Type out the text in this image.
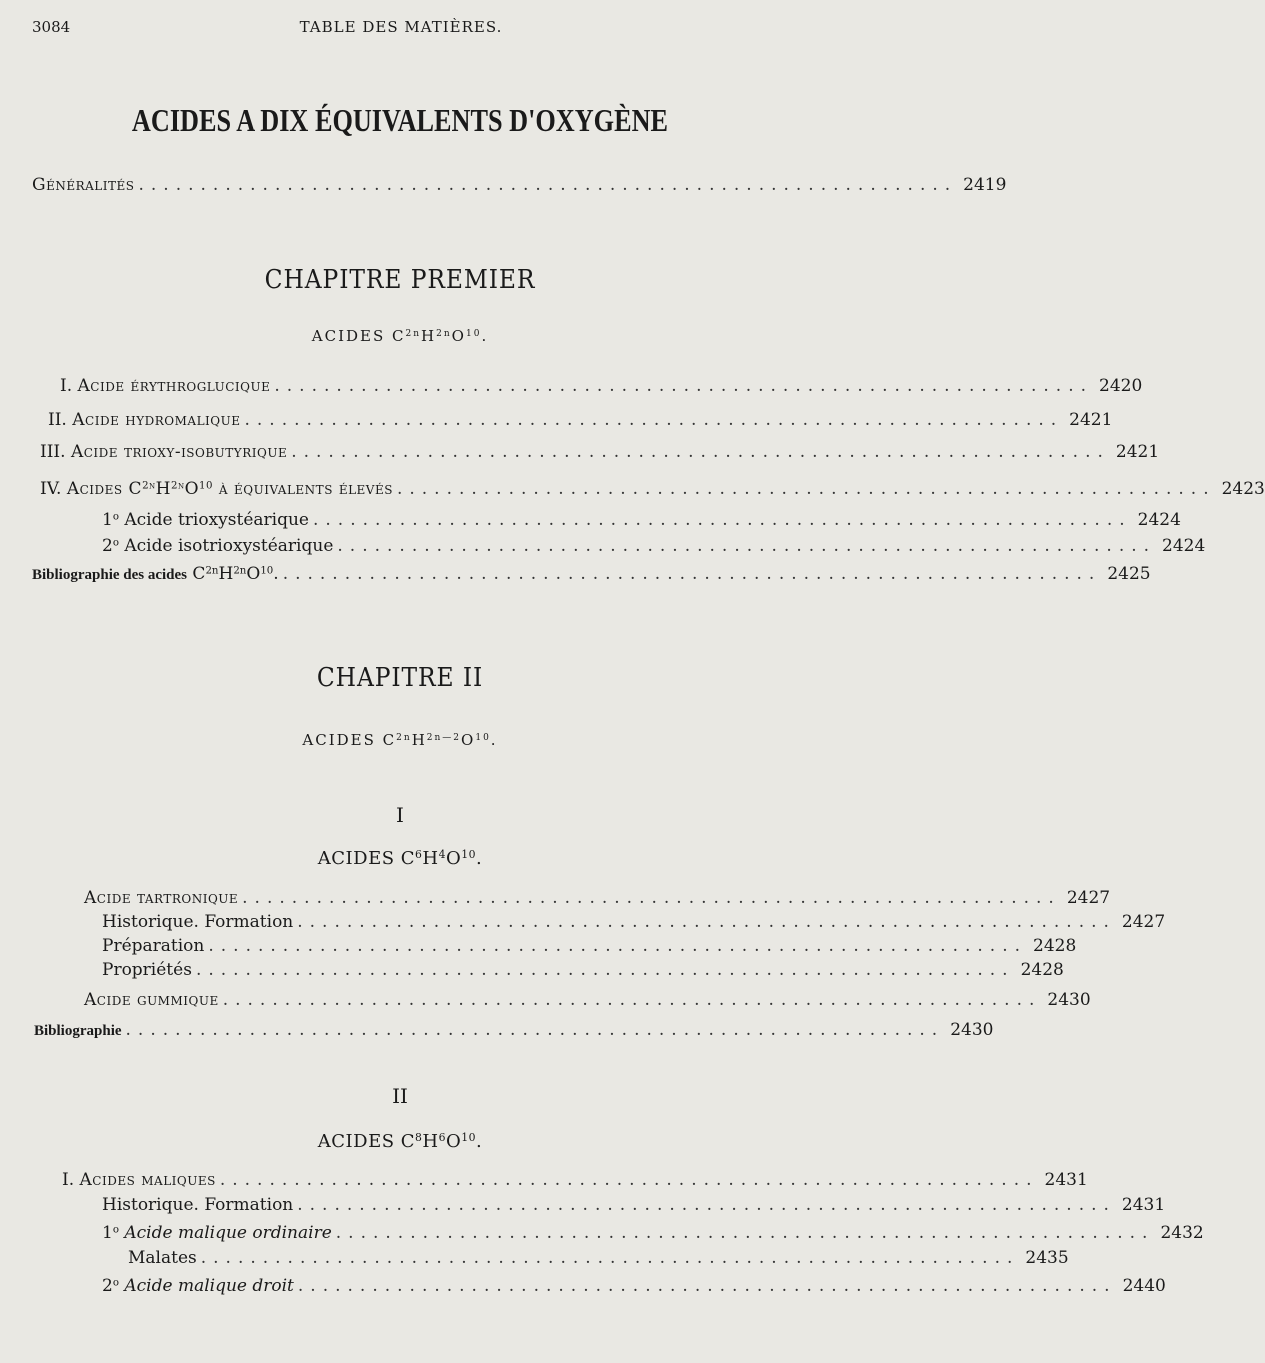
3084	TABLE DES MATIÈRES.
ACIDES A DIX ÉQUIVALENTS D'OXYGÈNE
Généralités .................................................................. 2419
CHAPITRE PREMIER
ACIDES $C^{2n}H^{2n}O^{10}$.
I. Acide érythroglucique .................................................................. 2420
II. Acide hydromalique .................................................................. 2421
III. Acide trioxy-isobutyrique .................................................................. 2421
IV. Acides $C^{2n}H^{2n}O^{10}$ à équivalents élevés .................................................................. 2423
1$^o$ Acide trioxystéarique .................................................................. 2424
2$^o$ Acide isotrioxystéarique .................................................................. 2424
Bibliographie des acides $C^{2n}H^{2n}O^{10}$. .................................................................. 2425
CHAPITRE II
ACIDES $C^{2n}H^{2n—2}O^{10}$.
I
ACIDES $C^6H^4O^{10}$.
Acide tartronique .................................................................. 2427
Historique. Formation .................................................................. 2427
Préparation .................................................................. 2428
Propriétés .................................................................. 2428
Acide gummique .................................................................. 2430
Bibliographie .................................................................. 2430
II
ACIDES $C^8H^6O^{10}$.
I. Acides maliques .................................................................. 2431
Historique. Formation .................................................................. 2431
1$^o$ Acide malique ordinaire .................................................................. 2432
Malates .................................................................. 2435
2$^o$ Acide malique droit .................................................................. 2440
